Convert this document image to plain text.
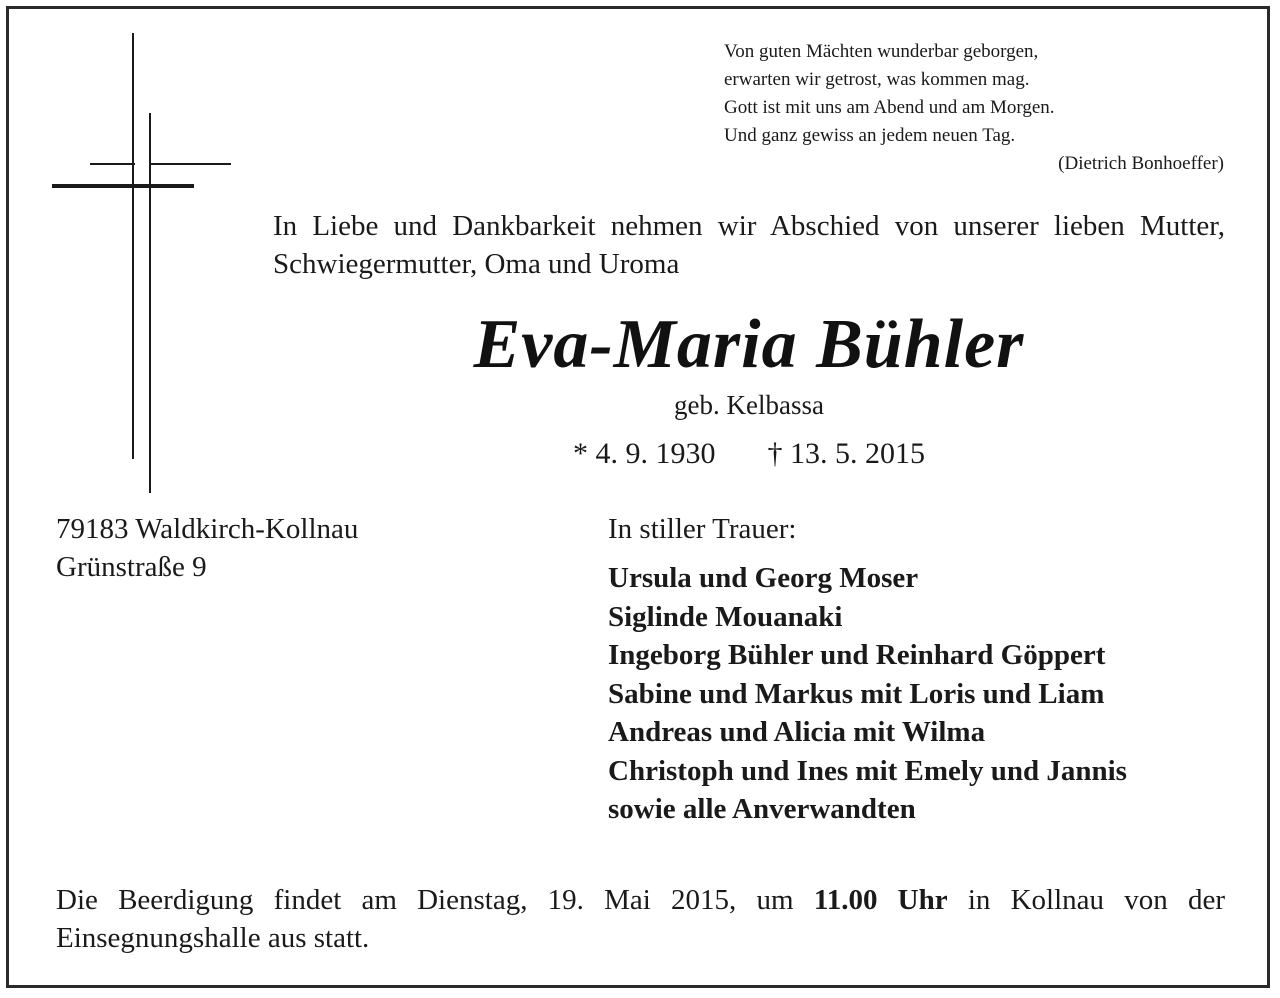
Von guten Mächten wunderbar geborgen,
erwarten wir getrost, was kommen mag.
Gott ist mit uns am Abend und am Morgen.
Und ganz gewiss an jedem neuen Tag.
(Dietrich Bonhoeffer)
In Liebe und Dankbarkeit nehmen wir Abschied von unserer lieben Mutter, Schwiegermutter, Oma und Uroma
Eva-Maria Bühler
geb. Kelbassa
* 4. 9. 1930 † 13. 5. 2015
79183 Waldkirch-Kollnau
Grünstraße 9
In stiller Trauer:
Ursula und Georg Moser
Siglinde Mouanaki
Ingeborg Bühler und Reinhard Göppert
Sabine und Markus mit Loris und Liam
Andreas und Alicia mit Wilma
Christoph und Ines mit Emely und Jannis
sowie alle Anverwandten
Die Beerdigung findet am Dienstag, 19. Mai 2015, um 11.00 Uhr in Kollnau von der Einsegnungshalle aus statt.
